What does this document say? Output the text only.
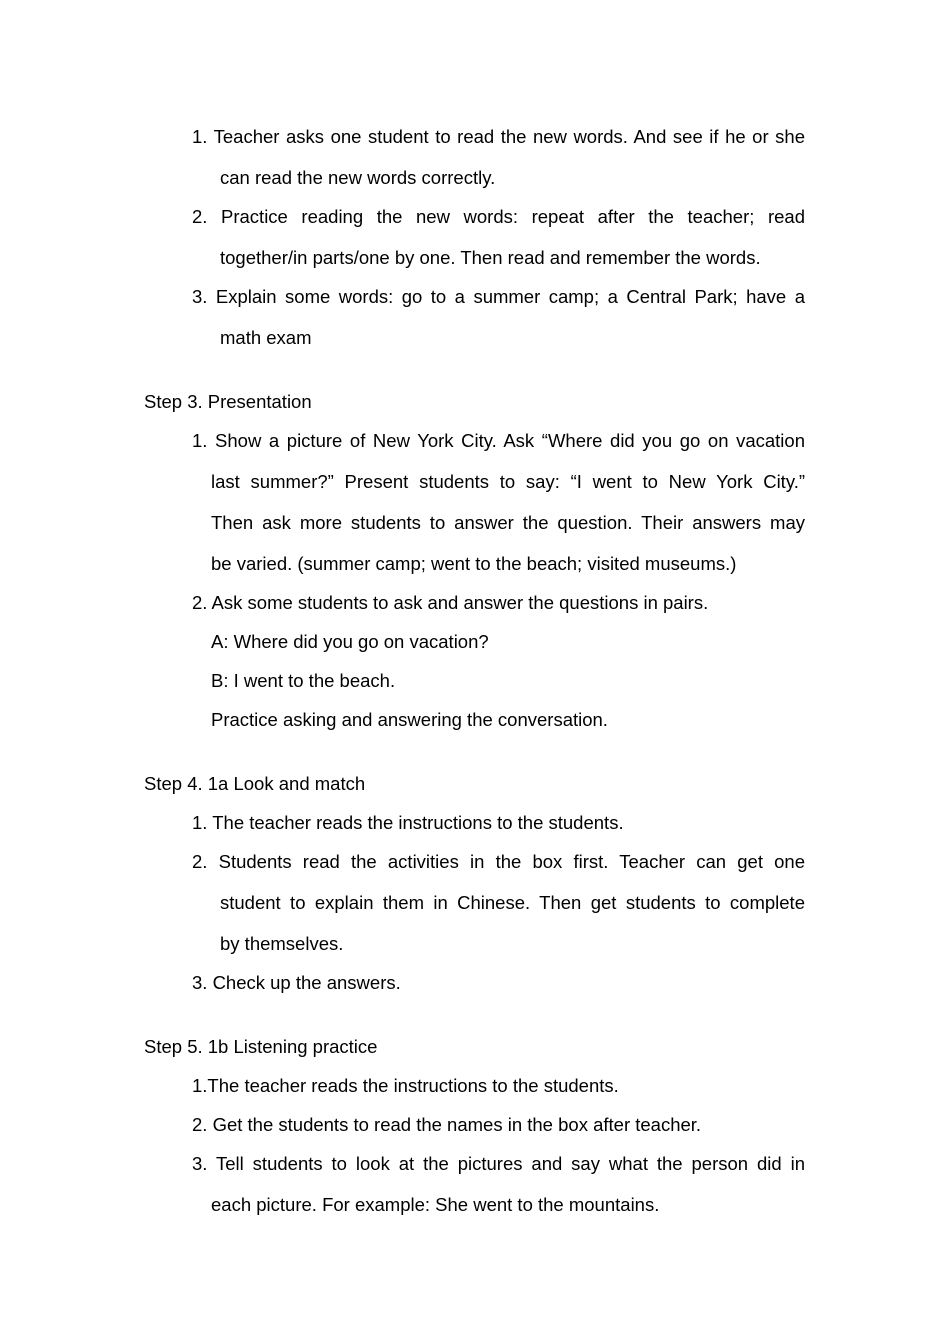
1. Teacher asks one student to read the new words. And see if he or she
can read the new words correctly.
2. Practice reading the new words: repeat after the teacher; read
together/in parts/one by one. Then read and remember the words.
3. Explain some words: go to a summer camp; a Central Park; have a
math exam
Step 3. Presentation
1. Show a picture of New York City. Ask “Where did you go on vacation
last summer?” Present students to say: “I went to New York City.”
Then ask more students to answer the question. Their answers may
be varied. (summer camp; went to the beach; visited museums.)
2. Ask some students to ask and answer the questions in pairs.
A: Where did you go on vacation?
B: I went to the beach.
Practice asking and answering the conversation.
Step 4. 1a Look and match
1. The teacher reads the instructions to the students.
2. Students read the activities in the box first. Teacher can get one
student to explain them in Chinese. Then get students to complete
by themselves.
3. Check up the answers.
Step 5. 1b Listening practice
1.The teacher reads the instructions to the students.
2. Get the students to read the names in the box after teacher.
3. Tell students to look at the pictures and say what the person did in
each picture. For example: She went to the mountains.
